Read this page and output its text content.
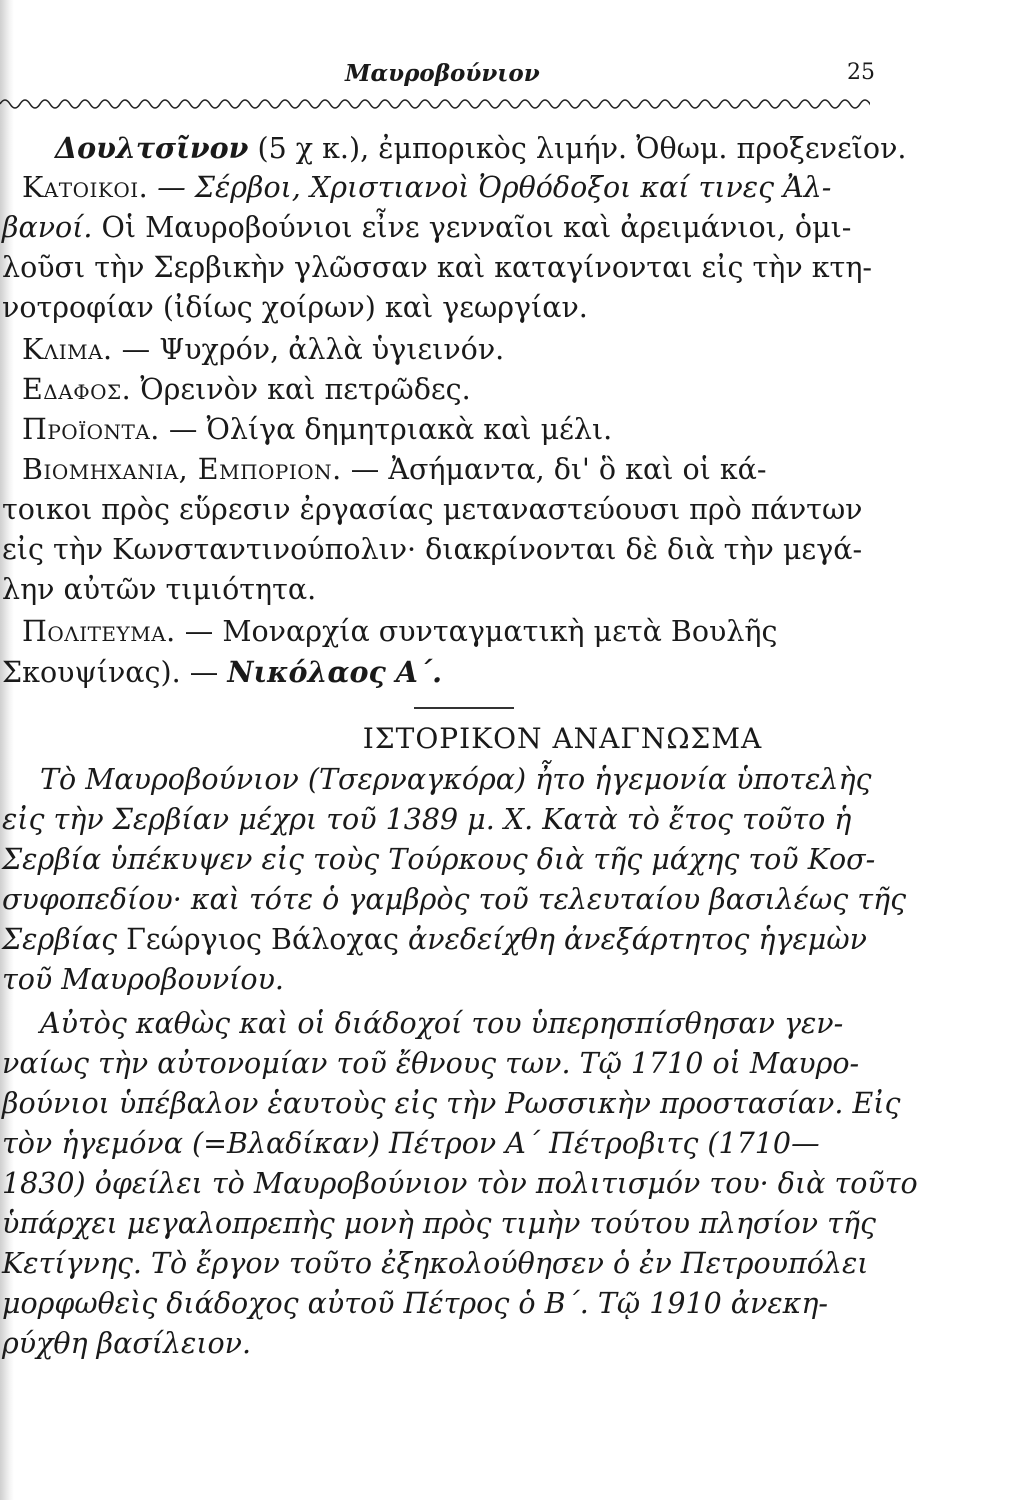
Μαυροβούνιον	25
Δουλτσῖνον (5 χ κ.), ἐμπορικὸς λιμήν. Ὀθωμ. προξενεῖον.
Κατοικοι. — Σέρβοι, Χριστιανοὶ Ὀρθόδοξοι καί τινες Ἀλ-
βανοί. Οἱ Μαυροβούνιοι εἶνε γενναῖοι καὶ ἀρειμάνιοι, ὁμι-
λοῦσι τὴν Σερβικὴν γλῶσσαν καὶ καταγίνονται εἰς τὴν κτη-
νοτροφίαν (ἰδίως χοίρων) καὶ γεωργίαν.
Κλιμα. — Ψυχρόν, ἀλλὰ ὑγιεινόν.
Εδαφος. Ὀρεινὸν καὶ πετρῶδες.
Προϊοντα. — Ὀλίγα δημητριακὰ καὶ μέλι.
Βιομηχανια, Εμποριον. — Ἀσήμαντα, δι' ὃ καὶ οἱ κά-
τοικοι πρὸς εὕρεσιν ἐργασίας μεταναστεύουσι πρὸ πάντων
εἰς τὴν Κωνσταντινούπολιν· διακρίνονται δὲ διὰ τὴν μεγά-
λην αὐτῶν τιμιότητα.
Πολιτευμα. — Μοναρχία συνταγματικὴ μετὰ Βουλῆς
Σκουψίνας). — Νικόλαος Α΄.
ΙΣΤΟΡΙΚΟΝ ΑΝΑΓΝΩΣΜΑ
Τὸ Μαυροβούνιον (Τσερναγκόρα) ἦτο ἡγεμονία ὑποτελὴς
εἰς τὴν Σερβίαν μέχρι τοῦ 1389 μ. Χ. Κατὰ τὸ ἔτος τοῦτο ἡ
Σερβία ὑπέκυψεν εἰς τοὺς Τούρκους διὰ τῆς μάχης τοῦ Κοσ-
συφοπεδίου· καὶ τότε ὁ γαμβρὸς τοῦ τελευταίου βασιλέως τῆς
Σερβίας Γεώργιος Βάλοχας ἀνεδείχθη ἀνεξάρτητος ἡγεμὼν
τοῦ Μαυροβουνίου.
Αὐτὸς καθὼς καὶ οἱ διάδοχοί του ὑπερησπίσθησαν γεν-
ναίως τὴν αὐτονομίαν τοῦ ἔθνους των. Τῷ 1710 οἱ Μαυρο-
βούνιοι ὑπέβαλον ἑαυτοὺς εἰς τὴν Ρωσσικὴν προστασίαν. Εἰς
τὸν ἡγεμόνα (=Βλαδίκαν) Πέτρον Α΄ Πέτροβιτς (1710—
1830) ὀφείλει τὸ Μαυροβούνιον τὸν πολιτισμόν του· διὰ τοῦτο
ὑπάρχει μεγαλοπρεπὴς μονὴ πρὸς τιμὴν τούτου πλησίον τῆς
Κετίγνης. Τὸ ἔργον τοῦτο ἐξηκολούθησεν ὁ ἐν Πετρουπόλει
μορφωθεὶς διάδοχος αὐτοῦ Πέτρος ὁ Β΄. Τῷ 1910 ἀνεκη-
ρύχθη βασίλειον.
